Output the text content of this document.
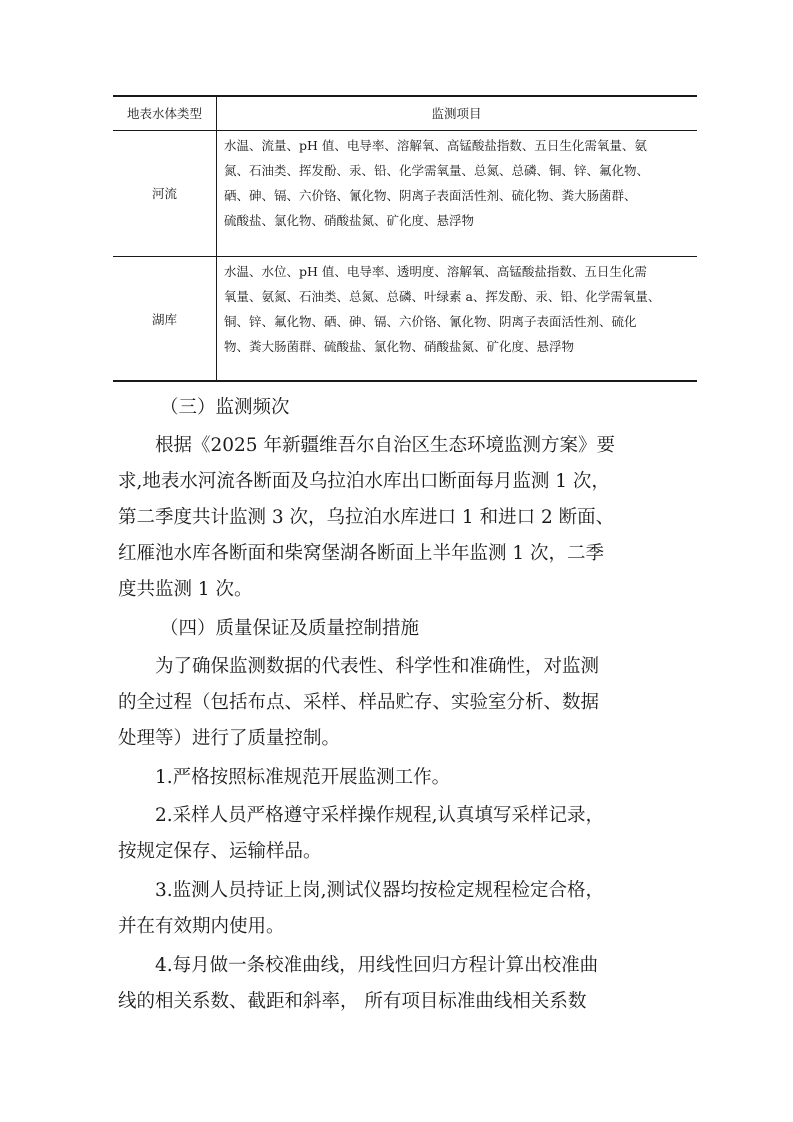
地表水体类型	监测项目
河流
水温、流量、pH 值、电导率、溶解氧、高锰酸盐指数、五日生化需氧量、氨
氮、石油类、挥发酚、汞、铅、化学需氧量、总氮、总磷、铜、锌、氟化物、
硒、砷、镉、六价铬、氰化物、阴离子表面活性剂、硫化物、粪大肠菌群、
硫酸盐、氯化物、硝酸盐氮、矿化度、悬浮物
湖库
水温、水位、pH 值、电导率、透明度、溶解氧、高锰酸盐指数、五日生化需
氧量、氨氮、石油类、总氮、总磷、叶绿素 a、挥发酚、汞、铅、化学需氧量、
铜、锌、氟化物、硒、砷、镉、六价铬、氰化物、阴离子表面活性剂、硫化
物、粪大肠菌群、硫酸盐、氯化物、硝酸盐氮、矿化度、悬浮物
（三）监测频次
根据《2025 年新疆维吾尔自治区生态环境监测方案》要
求,地表水河流各断面及乌拉泊水库出口断面每月监测 1 次，
第二季度共计监测 3 次，乌拉泊水库进口 1 和进口 2 断面、
红雁池水库各断面和柴窝堡湖各断面上半年监测 1 次，二季
度共监测 1 次。
（四）质量保证及质量控制措施
为了确保监测数据的代表性、科学性和准确性，对监测
的全过程（包括布点、采样、样品贮存、实验室分析、数据
处理等）进行了质量控制。
1.严格按照标准规范开展监测工作。
2.采样人员严格遵守采样操作规程,认真填写采样记录，
按规定保存、运输样品。
3.监测人员持证上岗,测试仪器均按检定规程检定合格，
并在有效期内使用。
4.每月做一条校准曲线，用线性回归方程计算出校准曲
线的相关系数、截距和斜率， 所有项目标准曲线相关系数
